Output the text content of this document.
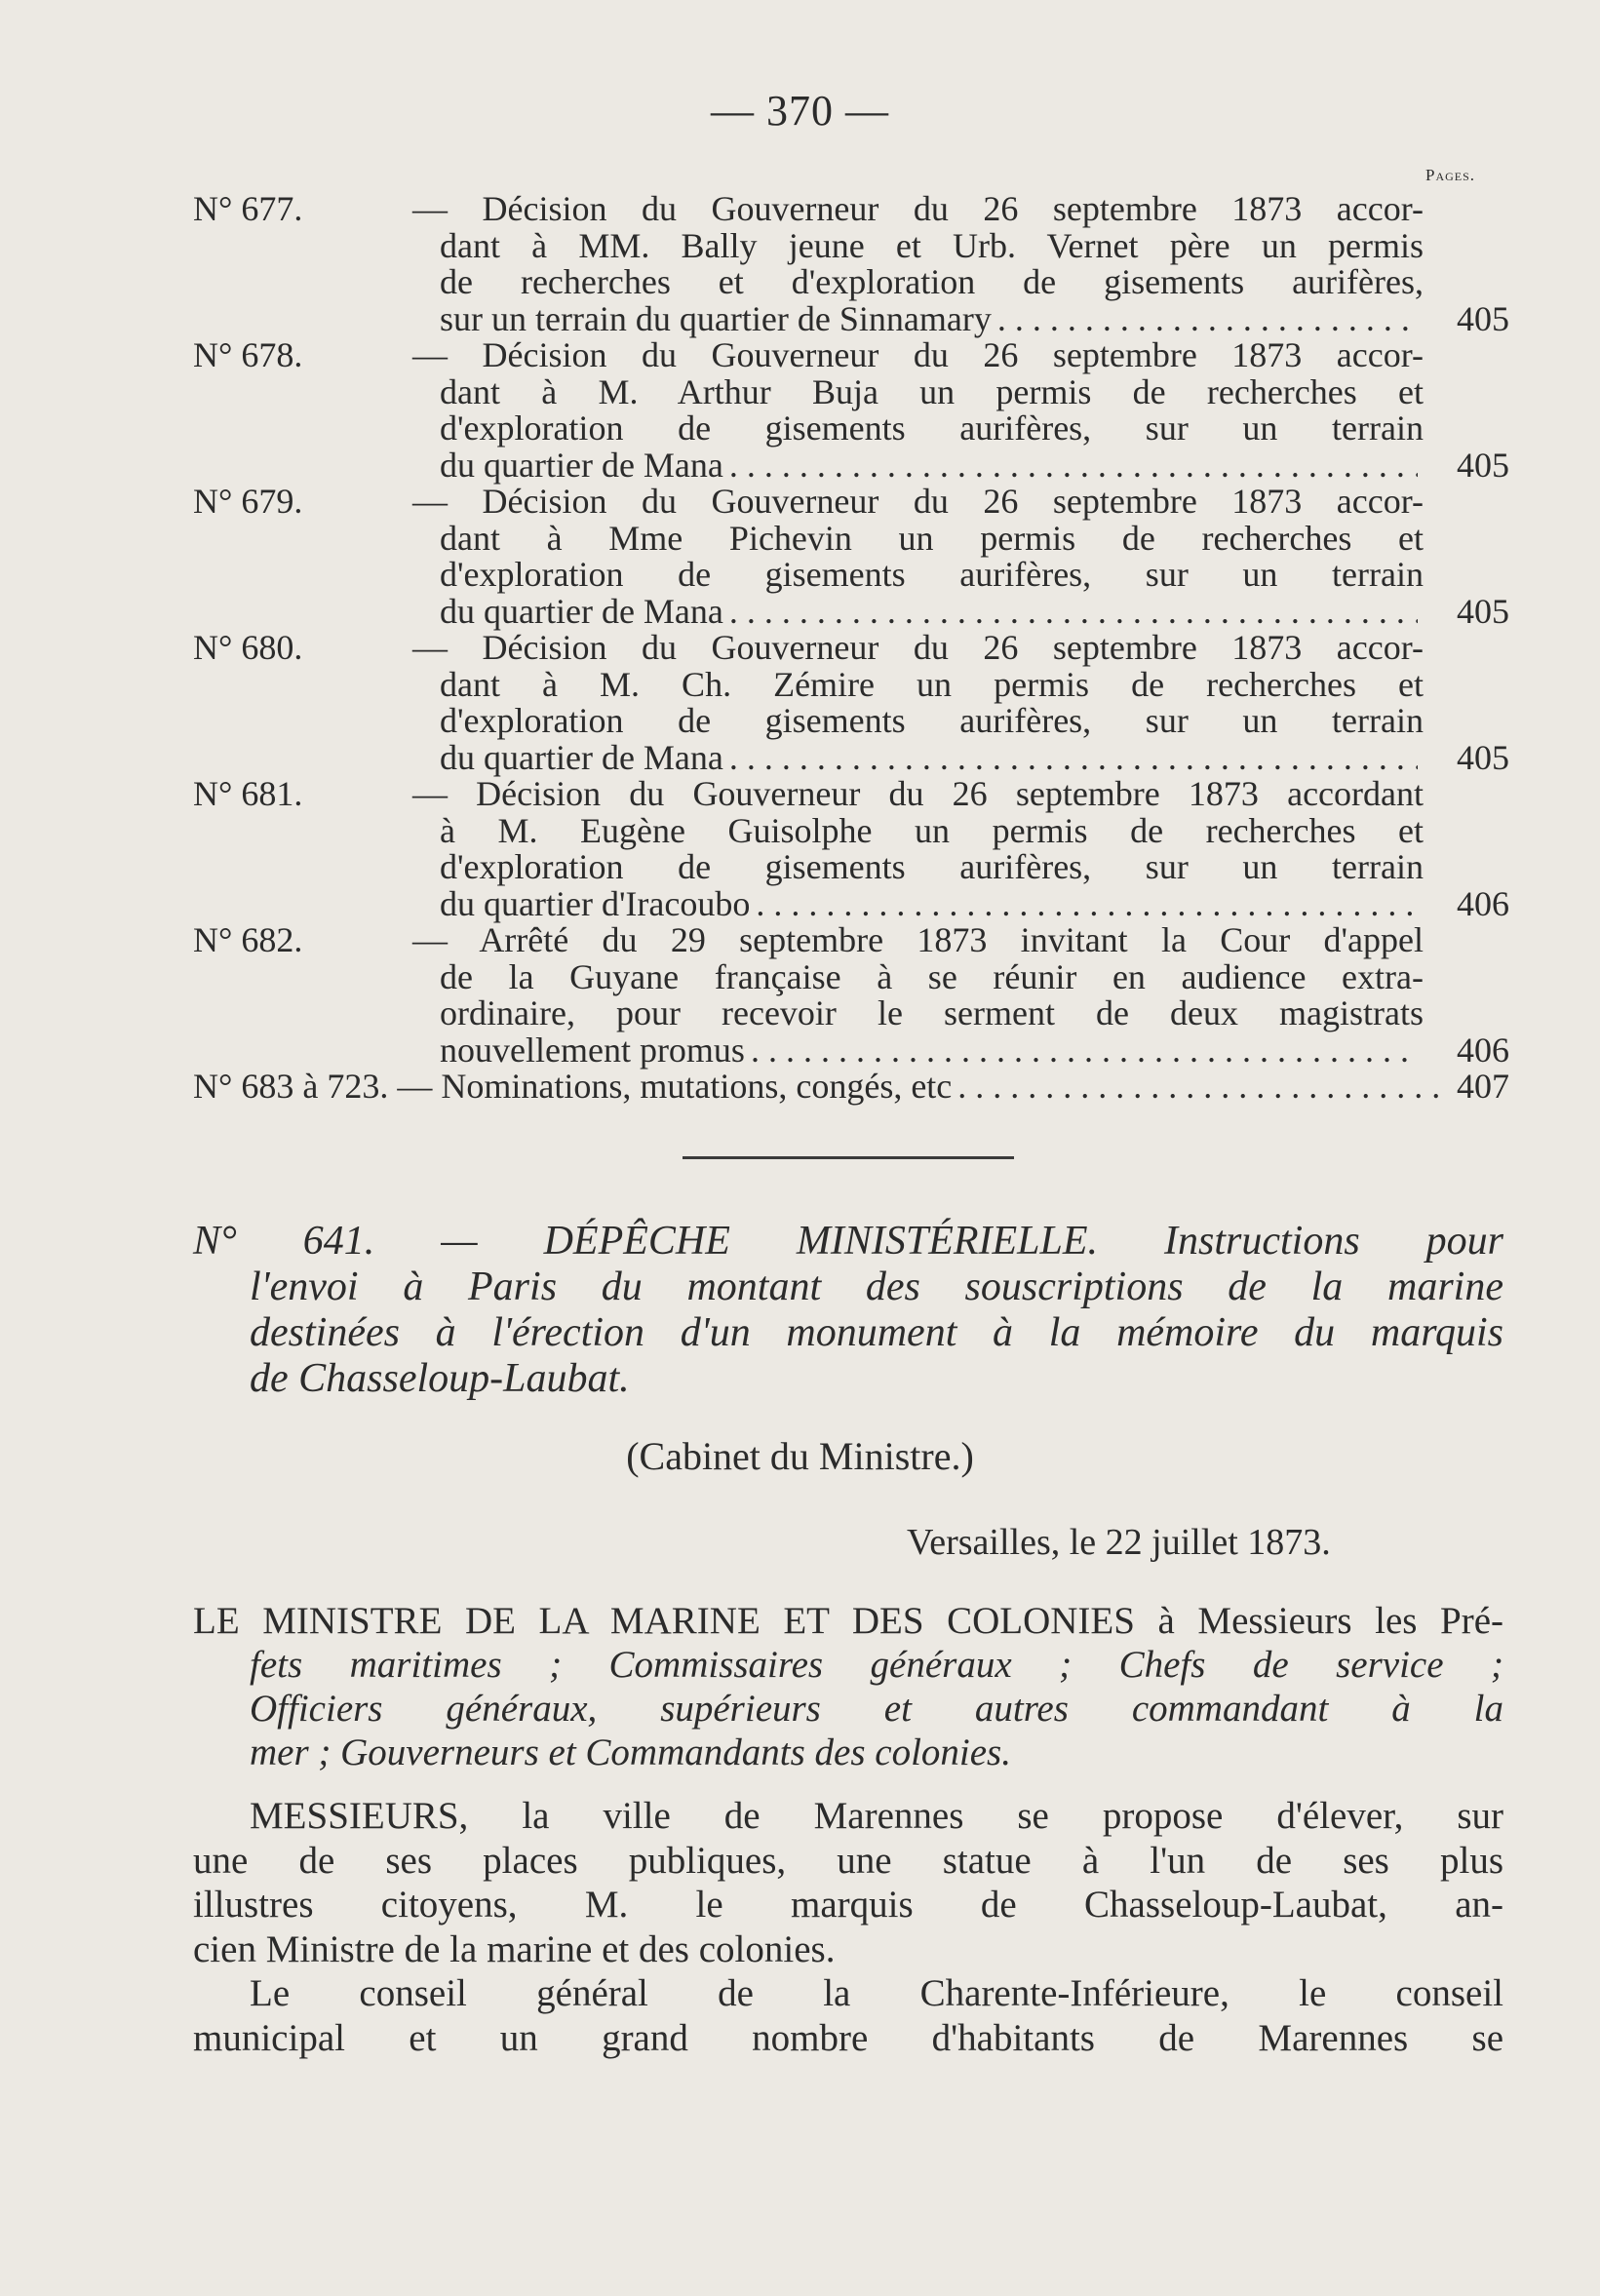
— 370 —
Pages.
N° 677.	— Décision du Gouverneur du 26 septembre 1873 accor-
dant à MM. Bally jeune et Urb. Vernet père un permis
de recherches et d'exploration de gisements aurifères,
sur un terrain du quartier de Sinnamary . . .	405
N° 678.	— Décision du Gouverneur du 26 septembre 1873 accor-
dant à M. Arthur Buja un permis de recherches et
d'exploration de gisements aurifères, sur un terrain
du quartier de Mana . . .	405
N° 679.	— Décision du Gouverneur du 26 septembre 1873 accor-
dant à Mme Pichevin un permis de recherches et
d'exploration de gisements aurifères, sur un terrain
du quartier de Mana . . .	405
N° 680.	— Décision du Gouverneur du 26 septembre 1873 accor-
dant à M. Ch. Zémire un permis de recherches et
d'exploration de gisements aurifères, sur un terrain
du quartier de Mana . . .	405
N° 681.	— Décision du Gouverneur du 26 septembre 1873 accordant
à M. Eugène Guisolphe un permis de recherches et
d'exploration de gisements aurifères, sur un terrain
du quartier d'Iracoubo . . .	406
N° 682.	— Arrêté du 29 septembre 1873 invitant la Cour d'appel
de la Guyane française à se réunir en audience extra-
ordinaire, pour recevoir le serment de deux magistrats
nouvellement promus . . .	406
N° 683 à 723. — Nominations, mutations, congés, etc . . .	407
N° 641. — DÉPÊCHE MINISTÉRIELLE. Instructions pour
l'envoi à Paris du montant des souscriptions de la marine
destinées à l'érection d'un monument à la mémoire du marquis
de Chasseloup-Laubat.
(Cabinet du Ministre.)
Versailles, le 22 juillet 1873.
LE MINISTRE DE LA MARINE ET DES COLONIES à Messieurs les Pré-
fets maritimes ; Commissaires généraux ; Chefs de service ;
Officiers généraux, supérieurs et autres commandant à la
mer ; Gouverneurs et Commandants des colonies.
MESSIEURS, la ville de Marennes se propose d'élever, sur
une de ses places publiques, une statue à l'un de ses plus
illustres citoyens, M. le marquis de Chasseloup-Laubat, an-
cien Ministre de la marine et des colonies.
Le conseil général de la Charente-Inférieure, le conseil
municipal et un grand nombre d'habitants de Marennes se
